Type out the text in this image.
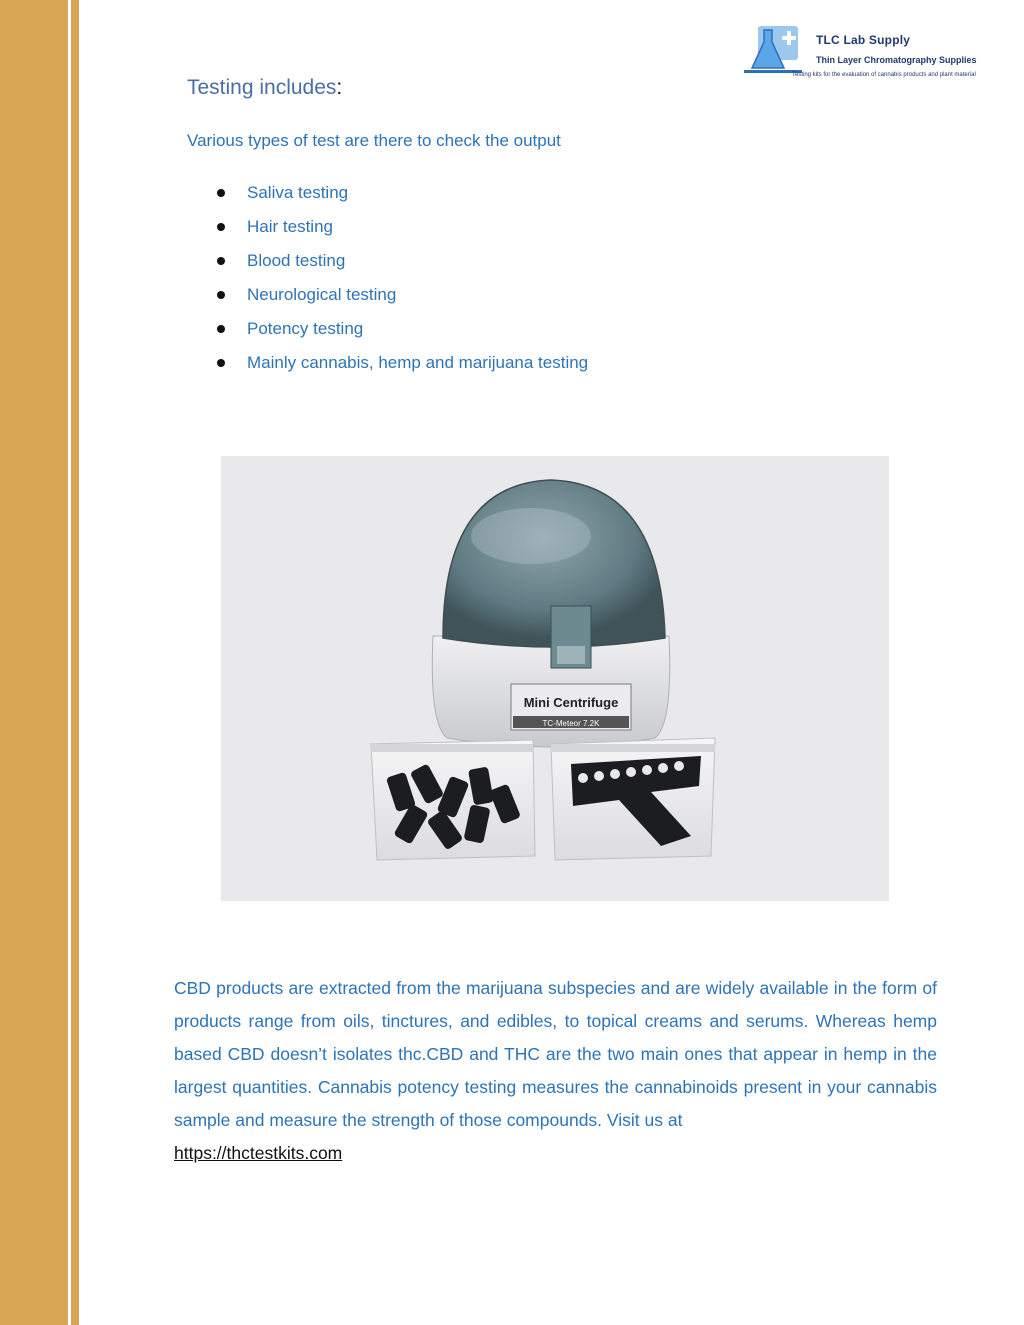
TLC Lab Supply
Thin Layer Chromatography Supplies
Testing kits for the evaluation of cannabis products and plant material
Testing includes:
Various types of test are there to check the output
Saliva testing
Hair testing
Blood testing
Neurological testing
Potency testing
Mainly cannabis, hemp and marijuana testing
Mini Centrifuge
TC-Meteor 7.2K

CBD products are extracted from the marijuana subspecies and are widely available in the form of products range from oils, tinctures, and edibles, to topical creams and serums. Whereas hemp based CBD doesn’t isolates thc.CBD and THC are the two main ones that appear in hemp in the largest quantities. Cannabis potency testing measures the cannabinoids present in your cannabis sample and measure the strength of those compounds. Visit us at
https://thctestkits.com
